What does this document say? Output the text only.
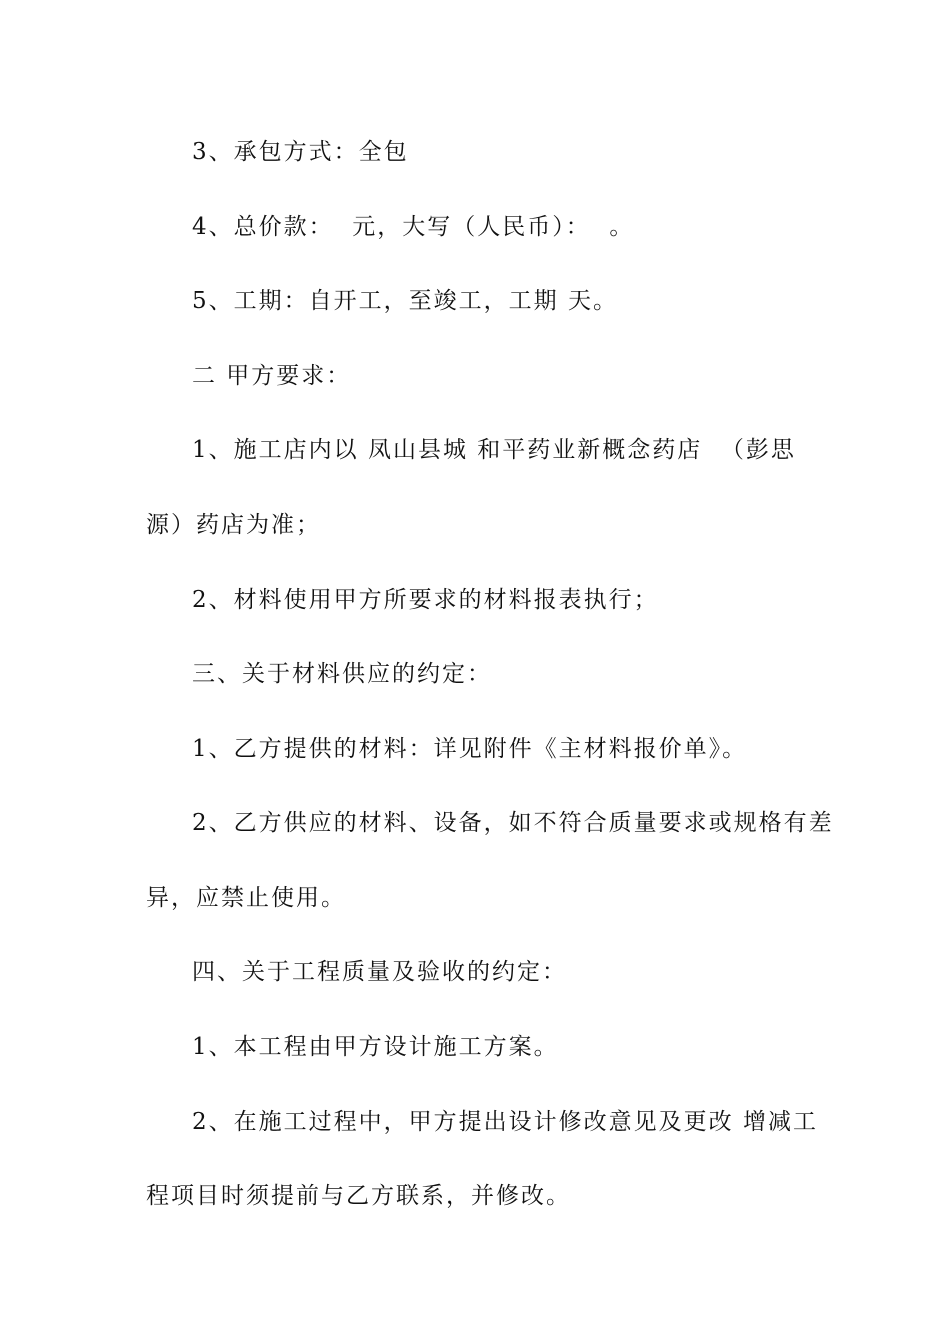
3、承包方式：全包
4、总价款：  元，大写（人民币）：  。
5、工期：自开工，至竣工，工期 天。
二 甲方要求：
1、施工店内以 凤山县城 和平药业新概念药店  （彭思
源）药店为准；
2、材料使用甲方所要求的材料报表执行；
三、关于材料供应的约定：
1、乙方提供的材料：详见附件《主材料报价单》。
2、乙方供应的材料、设备，如不符合质量要求或规格有差
异，应禁止使用。
四、关于工程质量及验收的约定：
1、本工程由甲方设计施工方案。
2、在施工过程中，甲方提出设计修改意见及更改 增减工
程项目时须提前与乙方联系，并修改。
